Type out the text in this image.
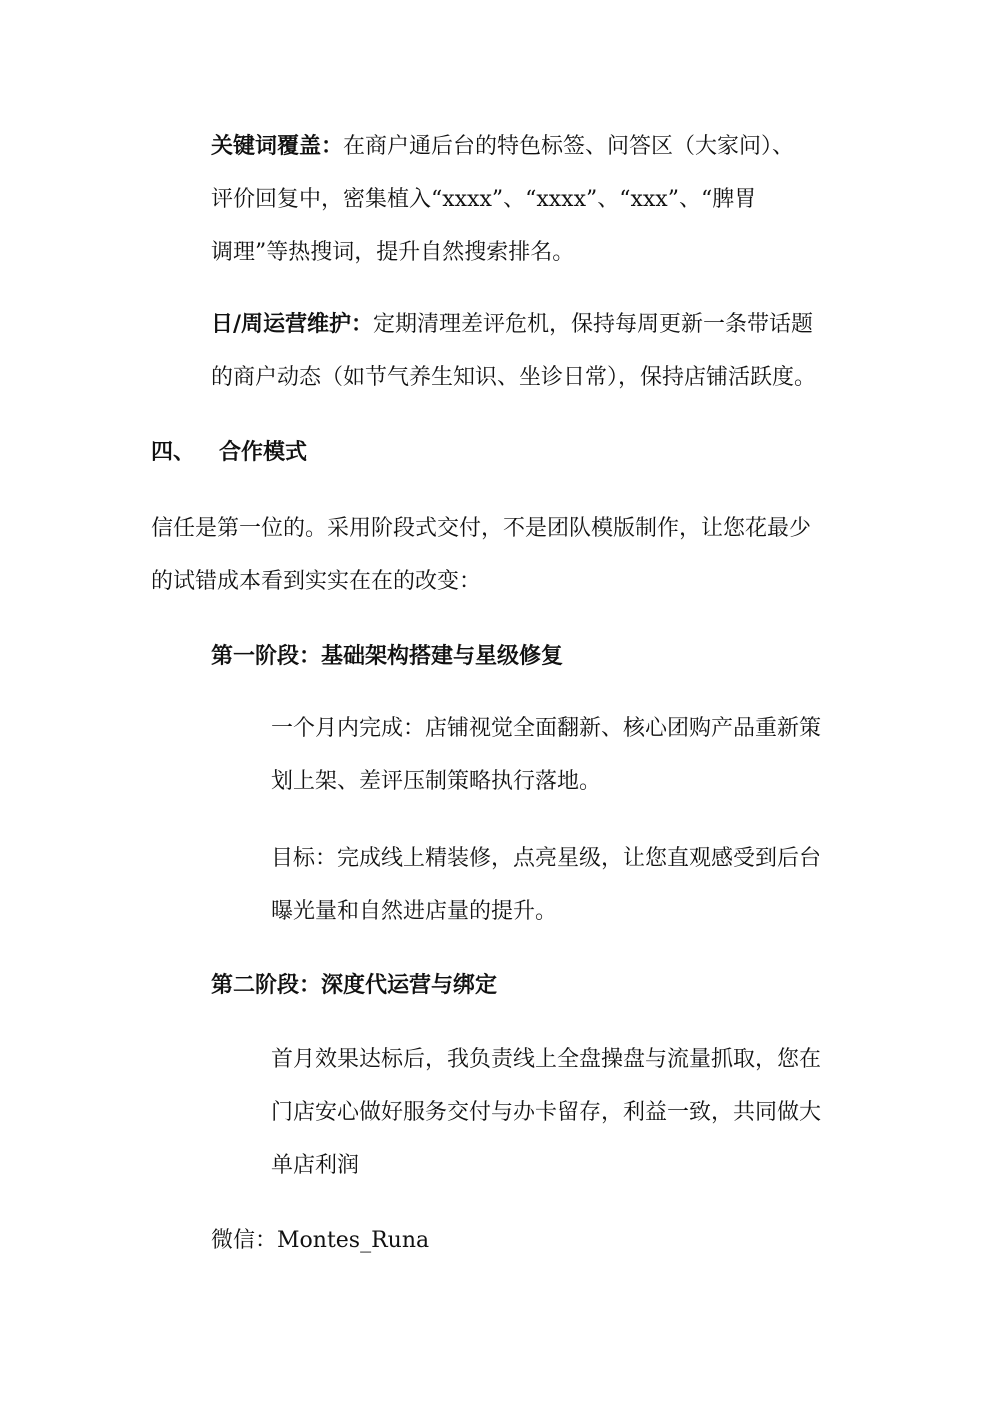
关键词覆盖：在商户通后台的特色标签、问答区（大家问）、
评价回复中，密集植入“xxxx”、“xxxx”、“xxx”、“脾胃
调理”等热搜词，提升自然搜索排名。
日/周运营维护：定期清理差评危机，保持每周更新一条带话题
的商户动态（如节气养生知识、坐诊日常），保持店铺活跃度。
四、 合作模式
信任是第一位的。采用阶段式交付，不是团队模版制作，让您花最少
的试错成本看到实实在在的改变：
第一阶段：基础架构搭建与星级修复
一个月内完成：店铺视觉全面翻新、核心团购产品重新策
划上架、差评压制策略执行落地。
目标：完成线上精装修，点亮星级，让您直观感受到后台
曝光量和自然进店量的提升。
第二阶段：深度代运营与绑定
首月效果达标后，我负责线上全盘操盘与流量抓取，您在
门店安心做好服务交付与办卡留存，利益一致，共同做大
单店利润
微信：Montes_Runa
